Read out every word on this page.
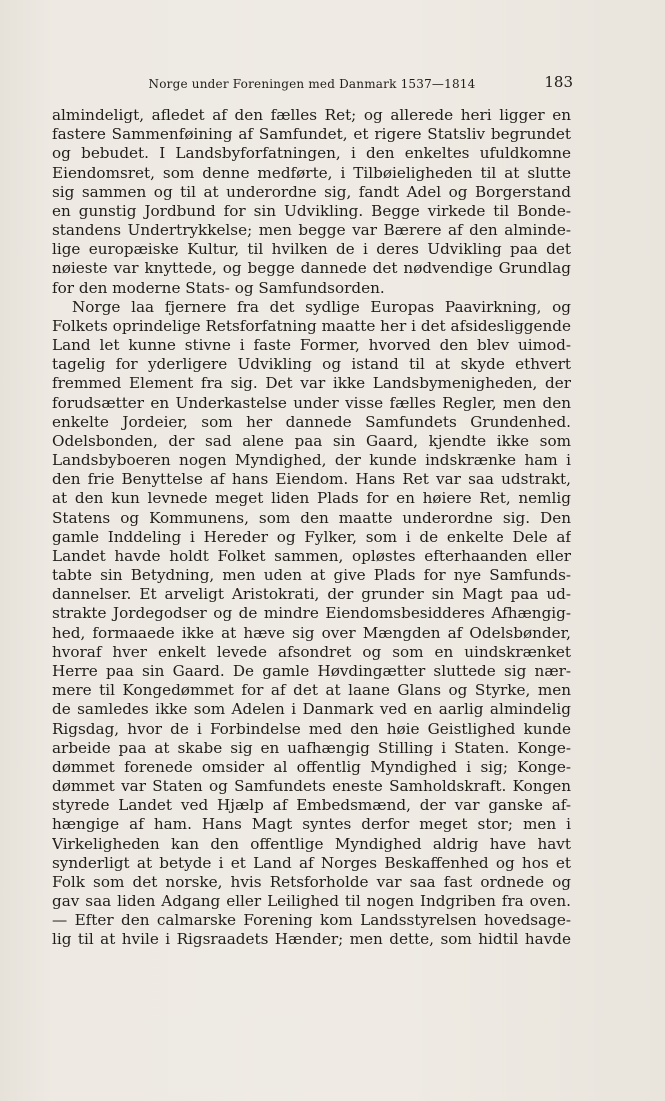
Norge under Foreningen med Danmark 1537—1814	183
almindeligt, afledet af den fælles Ret; og allerede heri ligger en
fastere Sammenføining af Samfundet, et rigere Statsliv begrundet
og bebudet. I Landsbyforfatningen, i den enkeltes ufuldkomne
Eiendomsret, som denne medførte, i Tilbøieligheden til at slutte
sig sammen og til at underordne sig, fandt Adel og Borgerstand
en gunstig Jordbund for sin Udvikling. Begge virkede til Bonde-
standens Undertrykkelse; men begge var Bærere af den alminde-
lige europæiske Kultur, til hvilken de i deres Udvikling paa det
nøieste var knyttede, og begge dannede det nødvendige Grundlag
for den moderne Stats- og Samfundsorden.
Norge laa fjernere fra det sydlige Europas Paavirkning, og
Folkets oprindelige Retsforfatning maatte her i det afsidesliggende
Land let kunne stivne i faste Former, hvorved den blev uimod-
tagelig for yderligere Udvikling og istand til at skyde ethvert
fremmed Element fra sig. Det var ikke Landsbymenigheden, der
forudsætter en Underkastelse under visse fælles Regler, men den
enkelte Jordeier, som her dannede Samfundets Grundenhed.
Odelsbonden, der sad alene paa sin Gaard, kjendte ikke som
Landsbyboeren nogen Myndighed, der kunde indskrænke ham i
den frie Benyttelse af hans Eiendom. Hans Ret var saa udstrakt,
at den kun levnede meget liden Plads for en høiere Ret, nemlig
Statens og Kommunens, som den maatte underordne sig. Den
gamle Inddeling i Hereder og Fylker, som i de enkelte Dele af
Landet havde holdt Folket sammen, opløstes efterhaanden eller
tabte sin Betydning, men uden at give Plads for nye Samfunds-
dannelser. Et arveligt Aristokrati, der grunder sin Magt paa ud-
strakte Jordegodser og de mindre Eiendomsbesidderes Afhængig-
hed, formaaede ikke at hæve sig over Mængden af Odelsbønder,
hvoraf hver enkelt levede afsondret og som en uindskrænket
Herre paa sin Gaard. De gamle Høvdingætter sluttede sig nær-
mere til Kongedømmet for af det at laane Glans og Styrke, men
de samledes ikke som Adelen i Danmark ved en aarlig almindelig
Rigsdag, hvor de i Forbindelse med den høie Geistlighed kunde
arbeide paa at skabe sig en uafhængig Stilling i Staten. Konge-
dømmet forenede omsider al offentlig Myndighed i sig; Konge-
dømmet var Staten og Samfundets eneste Samholdskraft. Kongen
styrede Landet ved Hjælp af Embedsmænd, der var ganske af-
hængige af ham. Hans Magt syntes derfor meget stor; men i
Virkeligheden kan den offentlige Myndighed aldrig have havt
synderligt at betyde i et Land af Norges Beskaffenhed og hos et
Folk som det norske, hvis Retsforholde var saa fast ordnede og
gav saa liden Adgang eller Leilighed til nogen Indgriben fra oven.
— Efter den calmarske Forening kom Landsstyrelsen hovedsage-
lig til at hvile i Rigsraadets Hænder; men dette, som hidtil havde
